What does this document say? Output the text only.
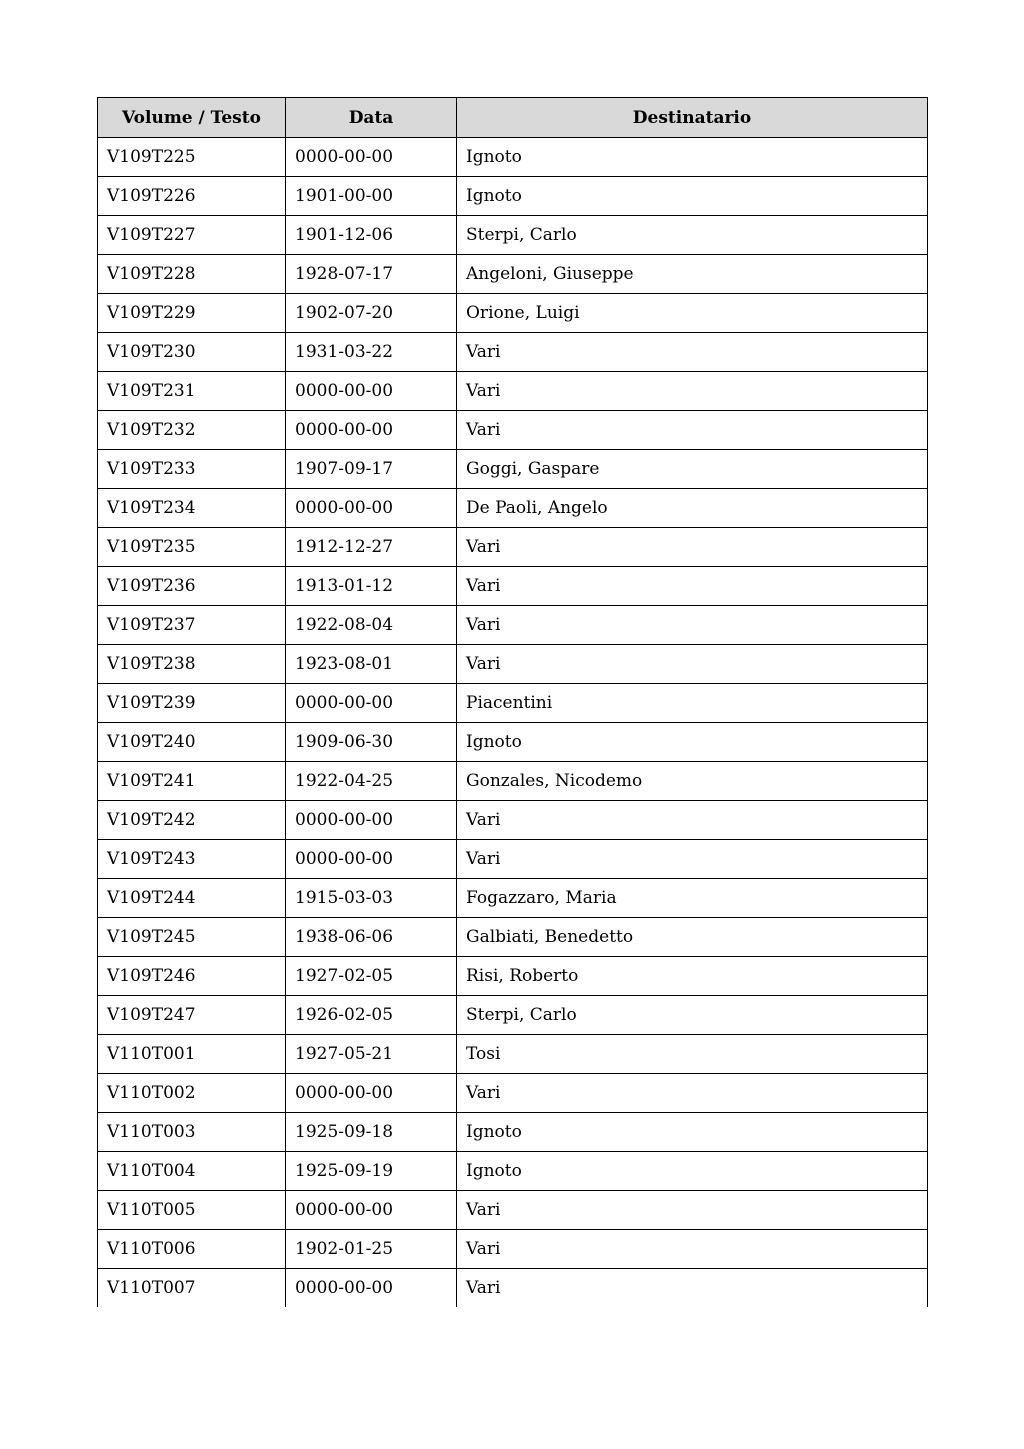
Volume / Testo	Data	Destinatario
V109T225	0000-00-00	Ignoto
V109T226	1901-00-00	Ignoto
V109T227	1901-12-06	Sterpi, Carlo
V109T228	1928-07-17	Angeloni, Giuseppe
V109T229	1902-07-20	Orione, Luigi
V109T230	1931-03-22	Vari
V109T231	0000-00-00	Vari
V109T232	0000-00-00	Vari
V109T233	1907-09-17	Goggi, Gaspare
V109T234	0000-00-00	De Paoli, Angelo
V109T235	1912-12-27	Vari
V109T236	1913-01-12	Vari
V109T237	1922-08-04	Vari
V109T238	1923-08-01	Vari
V109T239	0000-00-00	Piacentini
V109T240	1909-06-30	Ignoto
V109T241	1922-04-25	Gonzales, Nicodemo
V109T242	0000-00-00	Vari
V109T243	0000-00-00	Vari
V109T244	1915-03-03	Fogazzaro, Maria
V109T245	1938-06-06	Galbiati, Benedetto
V109T246	1927-02-05	Risi, Roberto
V109T247	1926-02-05	Sterpi, Carlo
V110T001	1927-05-21	Tosi
V110T002	0000-00-00	Vari
V110T003	1925-09-18	Ignoto
V110T004	1925-09-19	Ignoto
V110T005	0000-00-00	Vari
V110T006	1902-01-25	Vari
V110T007	0000-00-00	Vari
